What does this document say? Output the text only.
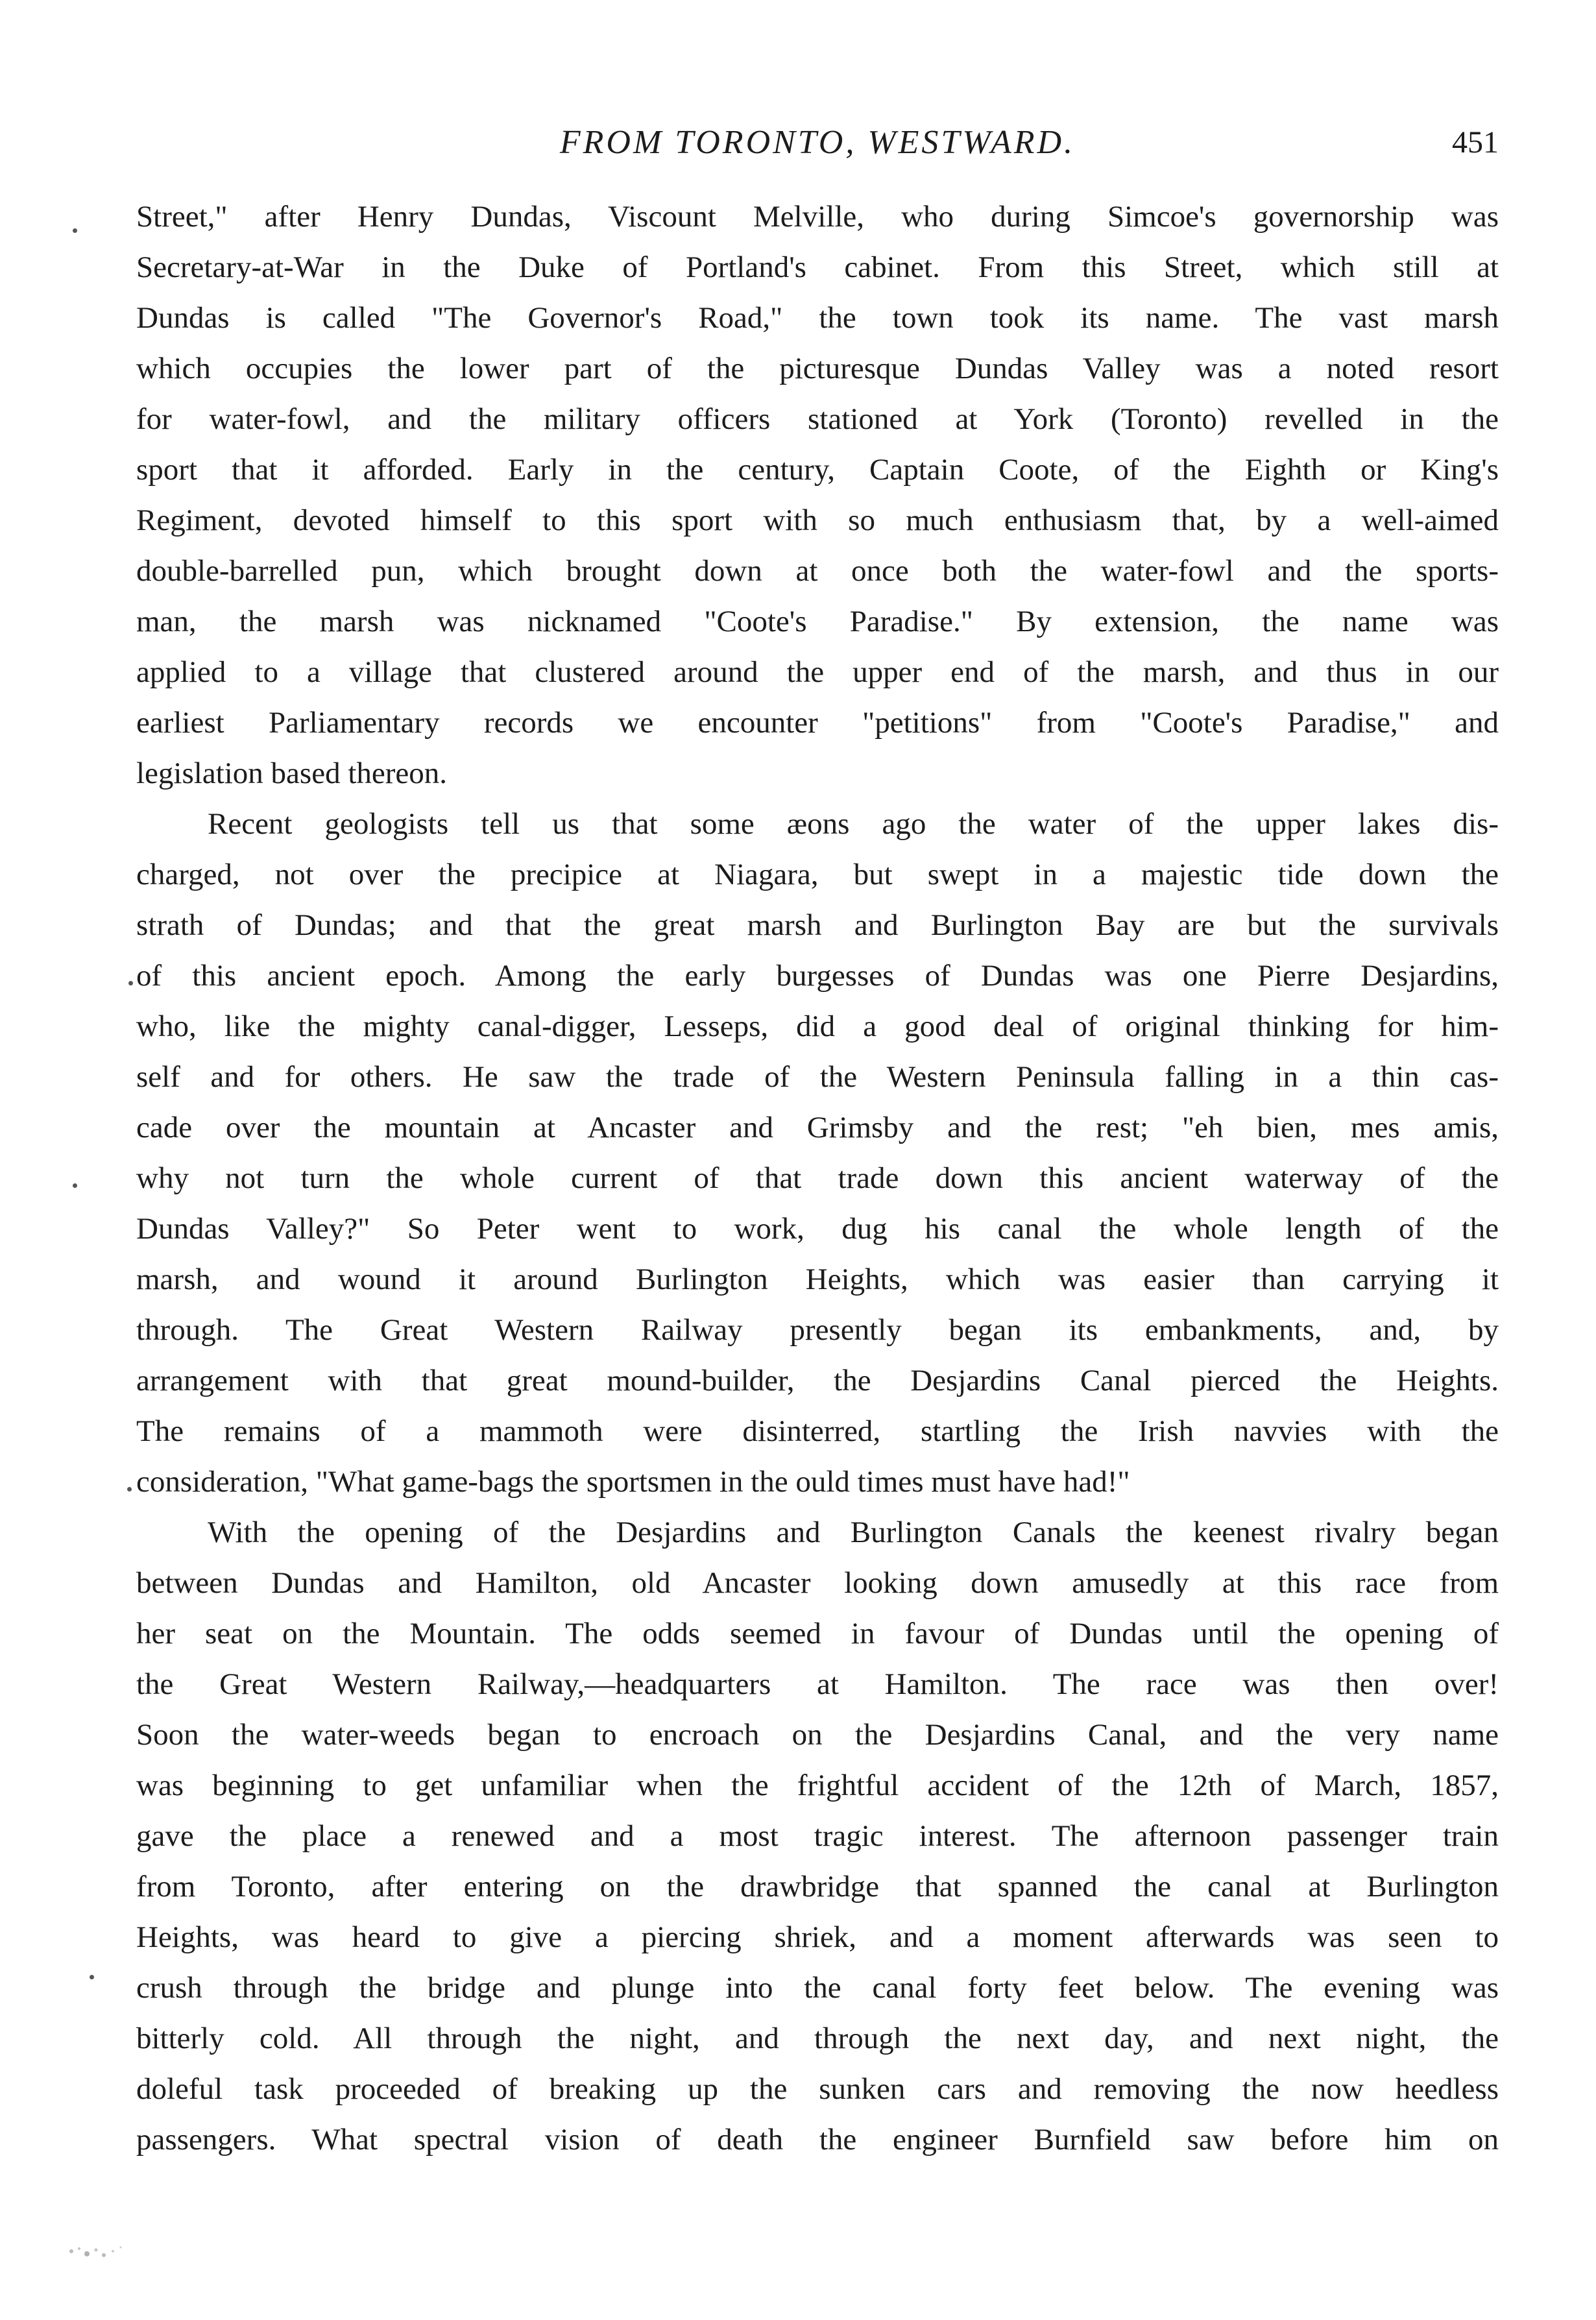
FROM TORONTO, WESTWARD.	451
Street," after Henry Dundas, Viscount Melville, who during Simcoe's governorship was
Secretary-at-War in the Duke of Portland's cabinet. From this Street, which still at
Dundas is called "The Governor's Road," the town took its name. The vast marsh
which occupies the lower part of the picturesque Dundas Valley was a noted resort
for water-fowl, and the military officers stationed at York (Toronto) revelled in the
sport that it afforded. Early in the century, Captain Coote, of the Eighth or King's
Regiment, devoted himself to this sport with so much enthusiasm that, by a well-aimed
double-barrelled pun, which brought down at once both the water-fowl and the sports-
man, the marsh was nicknamed "Coote's Paradise." By extension, the name was
applied to a village that clustered around the upper end of the marsh, and thus in our
earliest Parliamentary records we encounter "petitions" from "Coote's Paradise," and
legislation based thereon.
Recent geologists tell us that some æons ago the water of the upper lakes dis-
charged, not over the precipice at Niagara, but swept in a majestic tide down the
strath of Dundas; and that the great marsh and Burlington Bay are but the survivals
of this ancient epoch. Among the early burgesses of Dundas was one Pierre Desjardins,
who, like the mighty canal-digger, Lesseps, did a good deal of original thinking for him-
self and for others. He saw the trade of the Western Peninsula falling in a thin cas-
cade over the mountain at Ancaster and Grimsby and the rest; "eh bien, mes amis,
why not turn the whole current of that trade down this ancient waterway of the
Dundas Valley?" So Peter went to work, dug his canal the whole length of the
marsh, and wound it around Burlington Heights, which was easier than carrying it
through. The Great Western Railway presently began its embankments, and, by
arrangement with that great mound-builder, the Desjardins Canal pierced the Heights.
The remains of a mammoth were disinterred, startling the Irish navvies with the
consideration, "What game-bags the sportsmen in the ould times must have had!"
With the opening of the Desjardins and Burlington Canals the keenest rivalry began
between Dundas and Hamilton, old Ancaster looking down amusedly at this race from
her seat on the Mountain. The odds seemed in favour of Dundas until the opening of
the Great Western Railway,—headquarters at Hamilton. The race was then over!
Soon the water-weeds began to encroach on the Desjardins Canal, and the very name
was beginning to get unfamiliar when the frightful accident of the 12th of March, 1857,
gave the place a renewed and a most tragic interest. The afternoon passenger train
from Toronto, after entering on the drawbridge that spanned the canal at Burlington
Heights, was heard to give a piercing shriek, and a moment afterwards was seen to
crush through the bridge and plunge into the canal forty feet below. The evening was
bitterly cold. All through the night, and through the next day, and next night, the
doleful task proceeded of breaking up the sunken cars and removing the now heedless
passengers. What spectral vision of death the engineer Burnfield saw before him on
